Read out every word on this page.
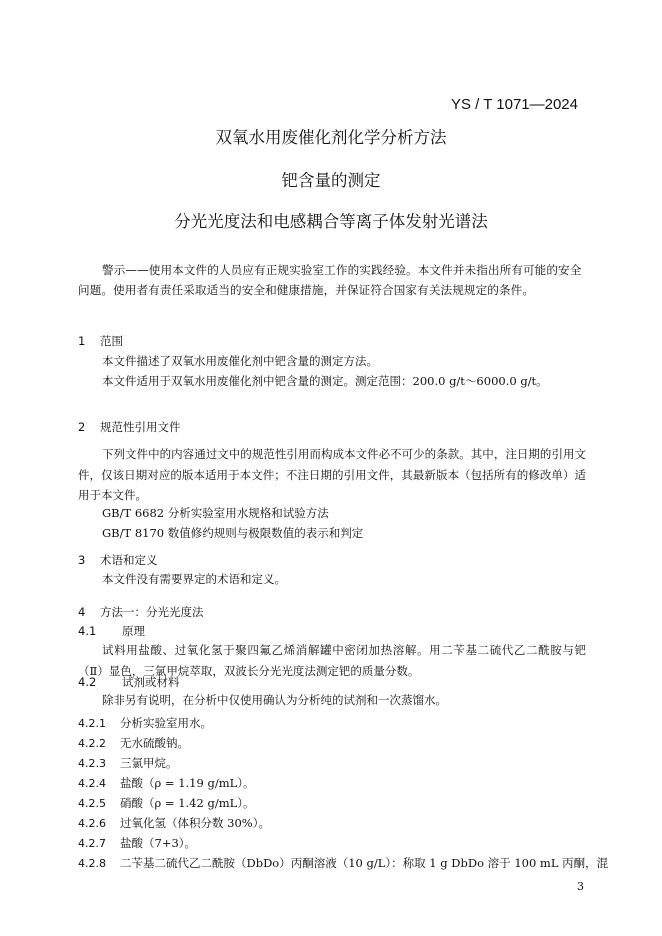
YS / T 1071—2024
双氧水用废催化剂化学分析方法
钯含量的测定
分光光度法和电感耦合等离子体发射光谱法
警示——使用本文件的人员应有正规实验室工作的实践经验。本文件并未指出所有可能的安全问题。使用者有责任采取适当的安全和健康措施，并保证符合国家有关法规规定的条件。
1 范围
本文件描述了双氧水用废催化剂中钯含量的测定方法。
本文件适用于双氧水用废催化剂中钯含量的测定。测定范围：200.0 g/t～6000.0 g/t。
2 规范性引用文件
下列文件中的内容通过文中的规范性引用而构成本文件必不可少的条款。其中，注日期的引用文件，仅该日期对应的版本适用于本文件；不注日期的引用文件，其最新版本（包括所有的修改单）适用于本文件。
GB/T 6682 分析实验室用水规格和试验方法
GB/T 8170 数值修约规则与极限数值的表示和判定
3 术语和定义
本文件没有需要界定的术语和定义。
4 方法一：分光光度法
4.1 原理
试料用盐酸、过氧化氢于聚四氟乙烯消解罐中密闭加热溶解。用二苄基二硫代乙二酰胺与钯（Ⅱ）显色，三氯甲烷萃取，双波长分光光度法测定钯的质量分数。
4.2 试剂或材料
除非另有说明，在分析中仅使用确认为分析纯的试剂和一次蒸馏水。
4.2.1 分析实验室用水。
4.2.2 无水硫酸钠。
4.2.3 三氯甲烷。
4.2.4 盐酸（ρ = 1.19 g/mL）。
4.2.5 硝酸（ρ = 1.42 g/mL）。
4.2.6 过氧化氢（体积分数 30%）。
4.2.7 盐酸（7+3）。
4.2.8 二苄基二硫代乙二酰胺（DbDo）丙酮溶液（10 g/L）：称取 1 g DbDo 溶于 100 mL 丙酮，混
3
